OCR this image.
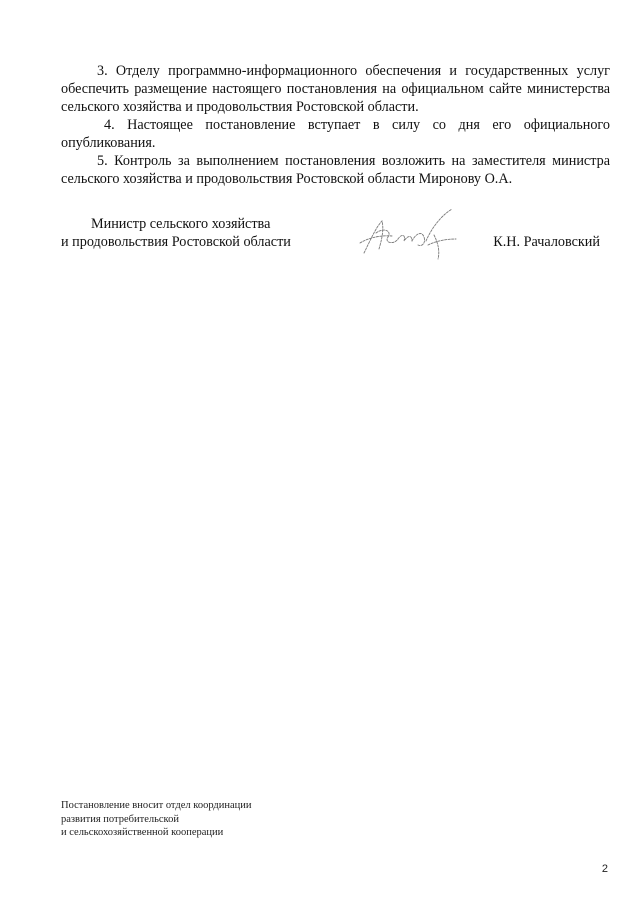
3. Отделу программно-информационного обеспечения и государственных услуг обеспечить размещение настоящего постановления на официальном сайте министерства сельского хозяйства и продовольствия Ростовской области.

4. Настоящее постановление вступает в силу со дня его официального опубликования.

5. Контроль за выполнением постановления возложить на заместителя министра сельского хозяйства и продовольствия Ростовской области Миронову О.А.

Министр сельского хозяйства
и продовольствия Ростовской области	К.Н. Рачаловский
Постановление вносит отдел координации
развития потребительской
и сельскохозяйственной кооперации
2
